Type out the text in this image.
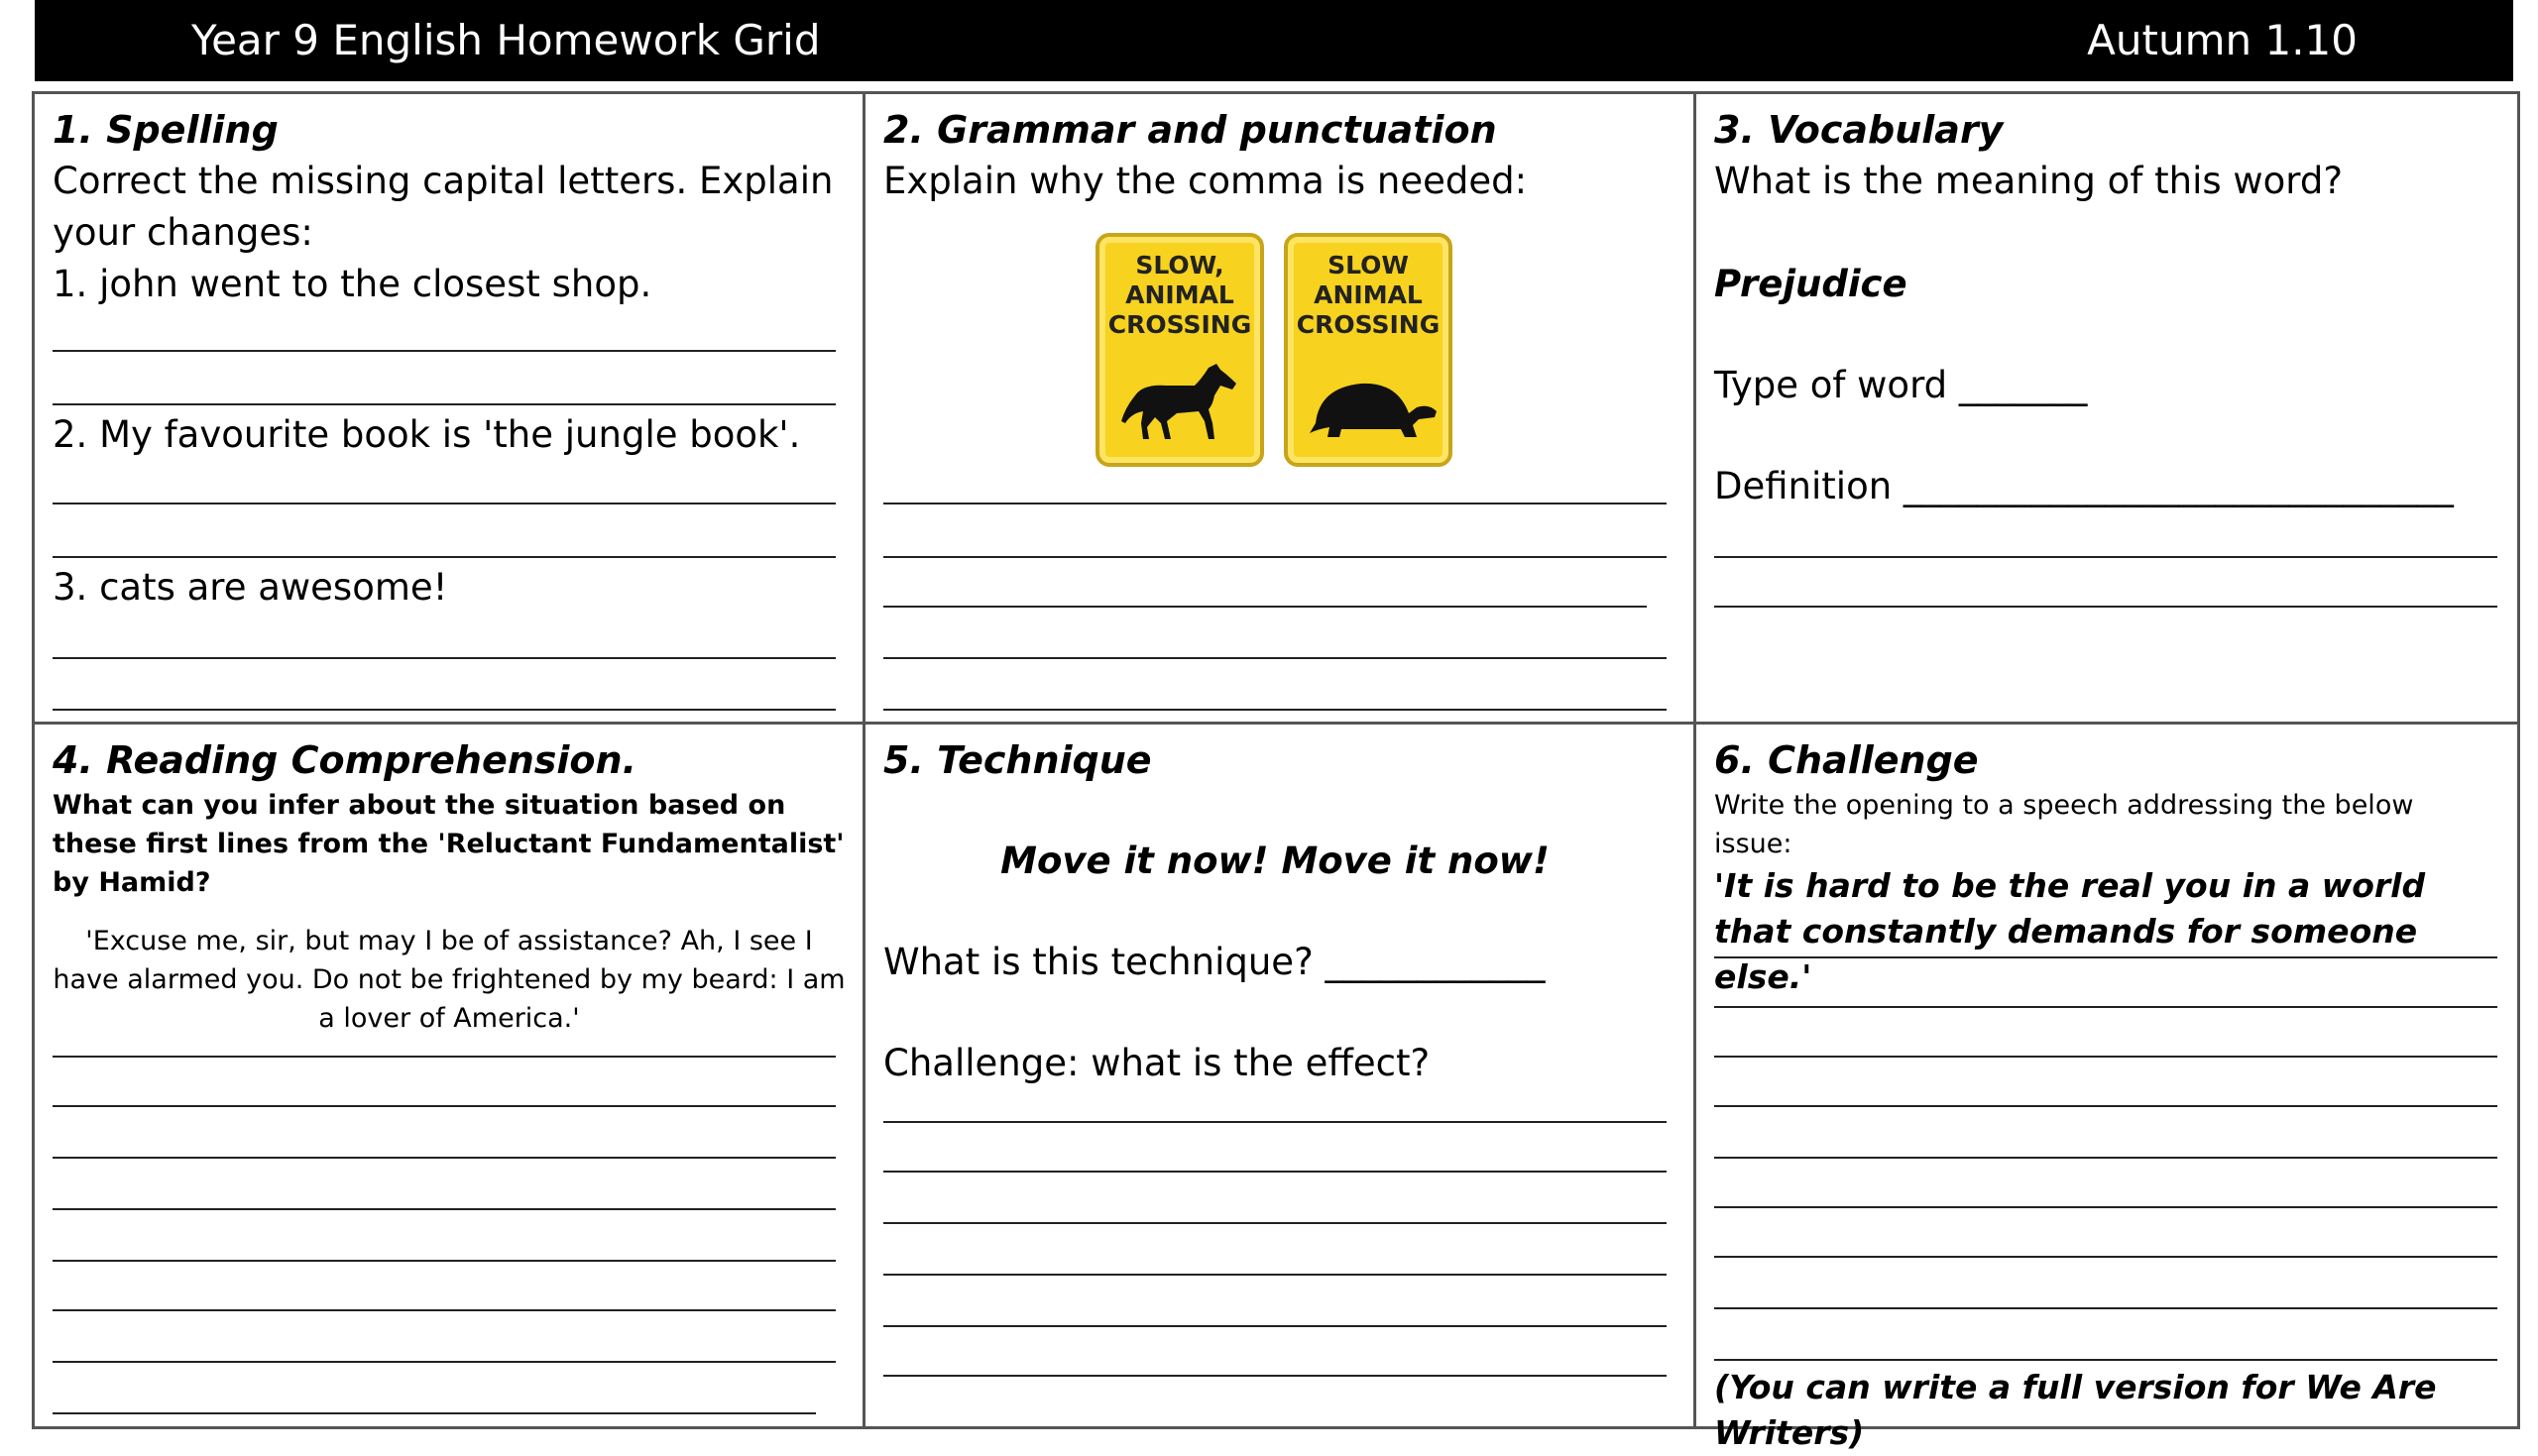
Year 9 English Homework Grid	Autumn 1.10
1. Spelling
Correct the missing capital letters. Explain your changes:
1. john went to the closest shop.
2. My favourite book is 'the jungle book'.
3. cats are awesome!
2. Grammar and punctuation
Explain why the comma is needed:
SLOW, ANIMAL CROSSING
SLOW ANIMAL CROSSING
3. Vocabulary
What is the meaning of this word?
Prejudice
Type of word _______
Definition ______________________________
4. Reading Comprehension.
What can you infer about the situation based on these first lines from the 'Reluctant Fundamentalist' by Hamid?
'Excuse me, sir, but may I be of assistance? Ah, I see I have alarmed you. Do not be frightened by my beard: I am a lover of America.'
5. Technique
Move it now! Move it now!
What is this technique? ____________
Challenge: what is the effect?
6. Challenge
Write the opening to a speech addressing the below issue:
'It is hard to be the real you in a world that constantly demands for someone else.'
(You can write a full version for We Are Writers)
